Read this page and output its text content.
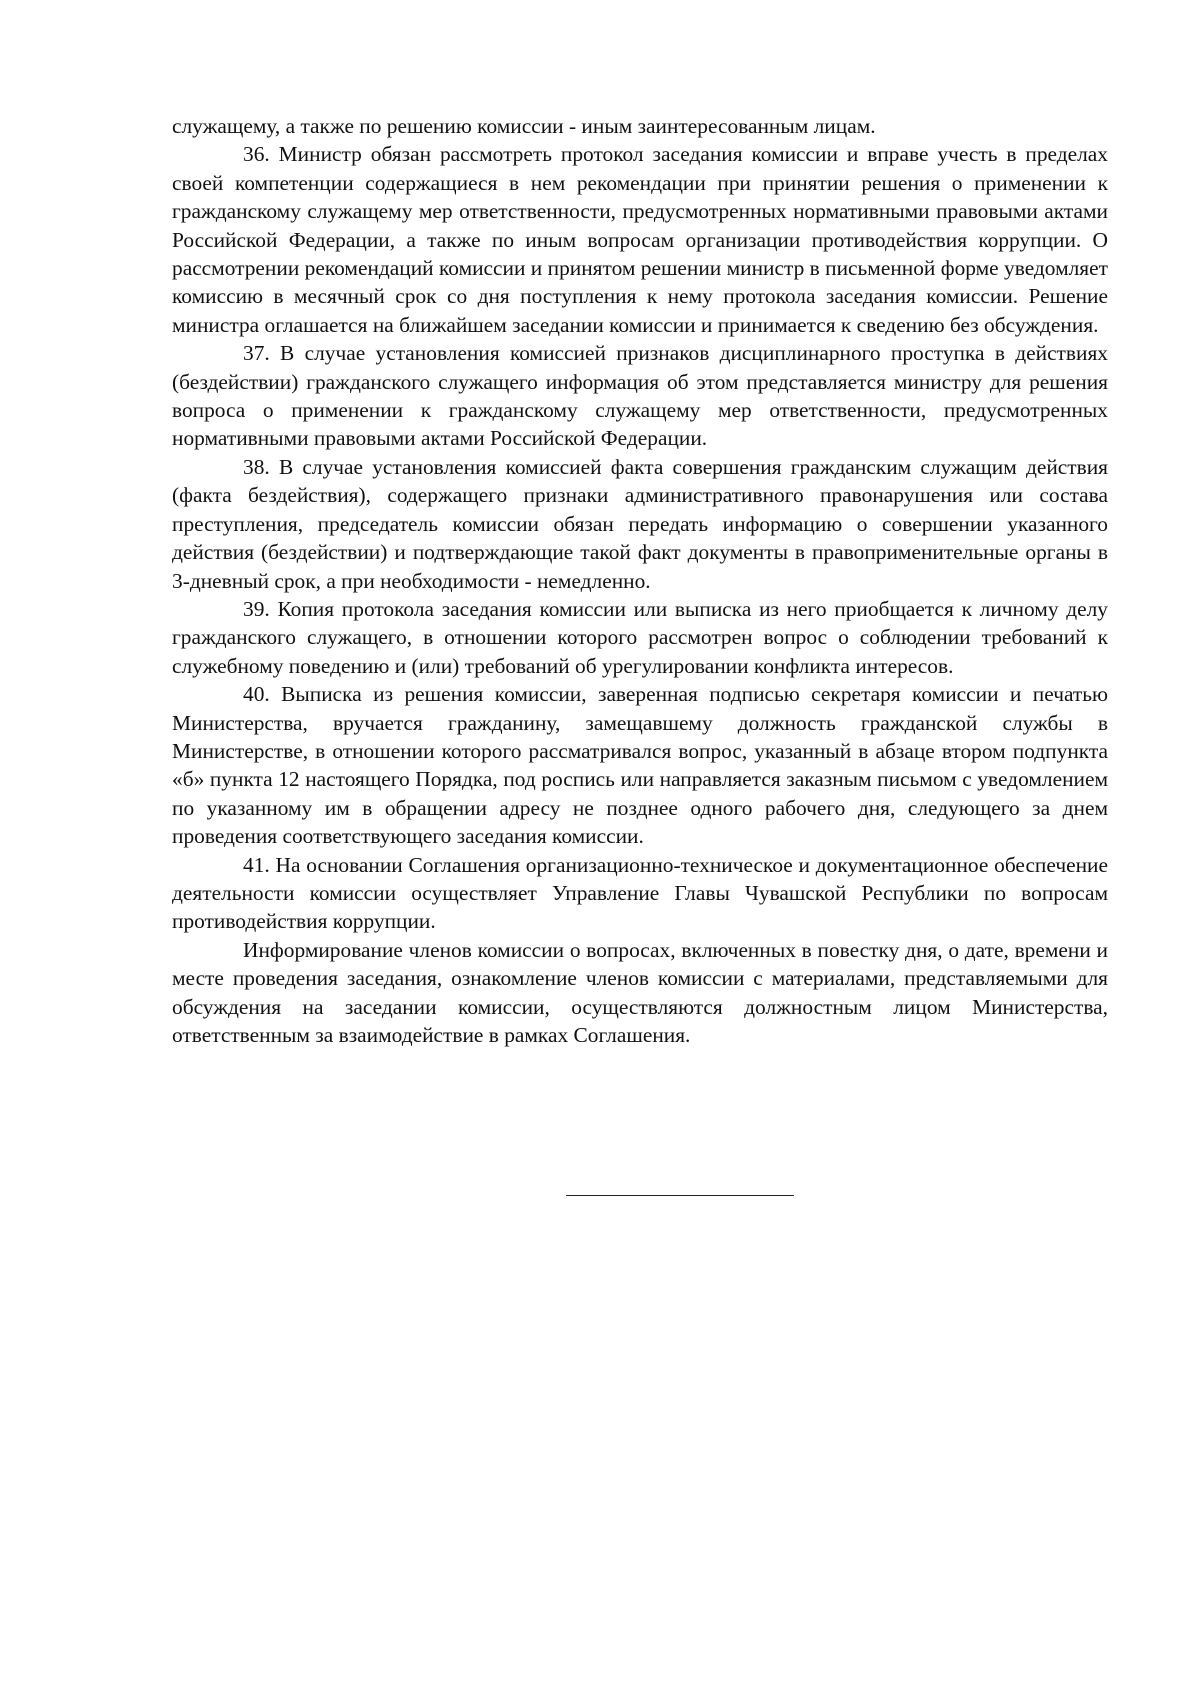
служащему, а также по решению комиссии - иным заинтересованным лицам.

36. Министр обязан рассмотреть протокол заседания комиссии и вправе учесть в пределах своей компетенции содержащиеся в нем рекомендации при принятии решения о применении к гражданскому служащему мер ответственности, предусмотренных нормативными правовыми актами Российской Федерации, а также по иным вопросам организации противодействия коррупции. О рассмотрении рекомендаций комиссии и принятом решении министр в письменной форме уведомляет комиссию в месячный срок со дня поступления к нему протокола заседания комиссии. Решение министра оглашается на ближайшем заседании комиссии и принимается к сведению без обсуждения.

37. В случае установления комиссией признаков дисциплинарного проступка в действиях (бездействии) гражданского служащего информация об этом представляется министру для решения вопроса о применении к гражданскому служащему мер ответственности, предусмотренных нормативными правовыми актами Российской Федерации.

38. В случае установления комиссией факта совершения гражданским служащим действия (факта бездействия), содержащего признаки административного правонарушения или состава преступления, председатель комиссии обязан передать информацию о совершении указанного действия (бездействии) и подтверждающие такой факт документы в правоприменительные органы в 3-дневный срок, а при необходимости - немедленно.

39. Копия протокола заседания комиссии или выписка из него приобщается к личному делу гражданского служащего, в отношении которого рассмотрен вопрос о соблюдении требований к служебному поведению и (или) требований об урегулировании конфликта интересов.

40. Выписка из решения комиссии, заверенная подписью секретаря комиссии и печатью Министерства, вручается гражданину, замещавшему должность гражданской службы в Министерстве, в отношении которого рассматривался вопрос, указанный в абзаце втором подпункта «б» пункта 12 настоящего Порядка, под роспись или направляется заказным письмом с уведомлением по указанному им в обращении адресу не позднее одного рабочего дня, следующего за днем проведения соответствующего заседания комиссии.

41. На основании Соглашения организационно-техническое и документационное обеспечение деятельности комиссии осуществляет Управление Главы Чувашской Республики по вопросам противодействия коррупции.

Информирование членов комиссии о вопросах, включенных в повестку дня, о дате, времени и месте проведения заседания, ознакомление членов комиссии с материалами, представляемыми для обсуждения на заседании комиссии, осуществляются должностным лицом Министерства, ответственным за взаимодействие в рамках Соглашения.
